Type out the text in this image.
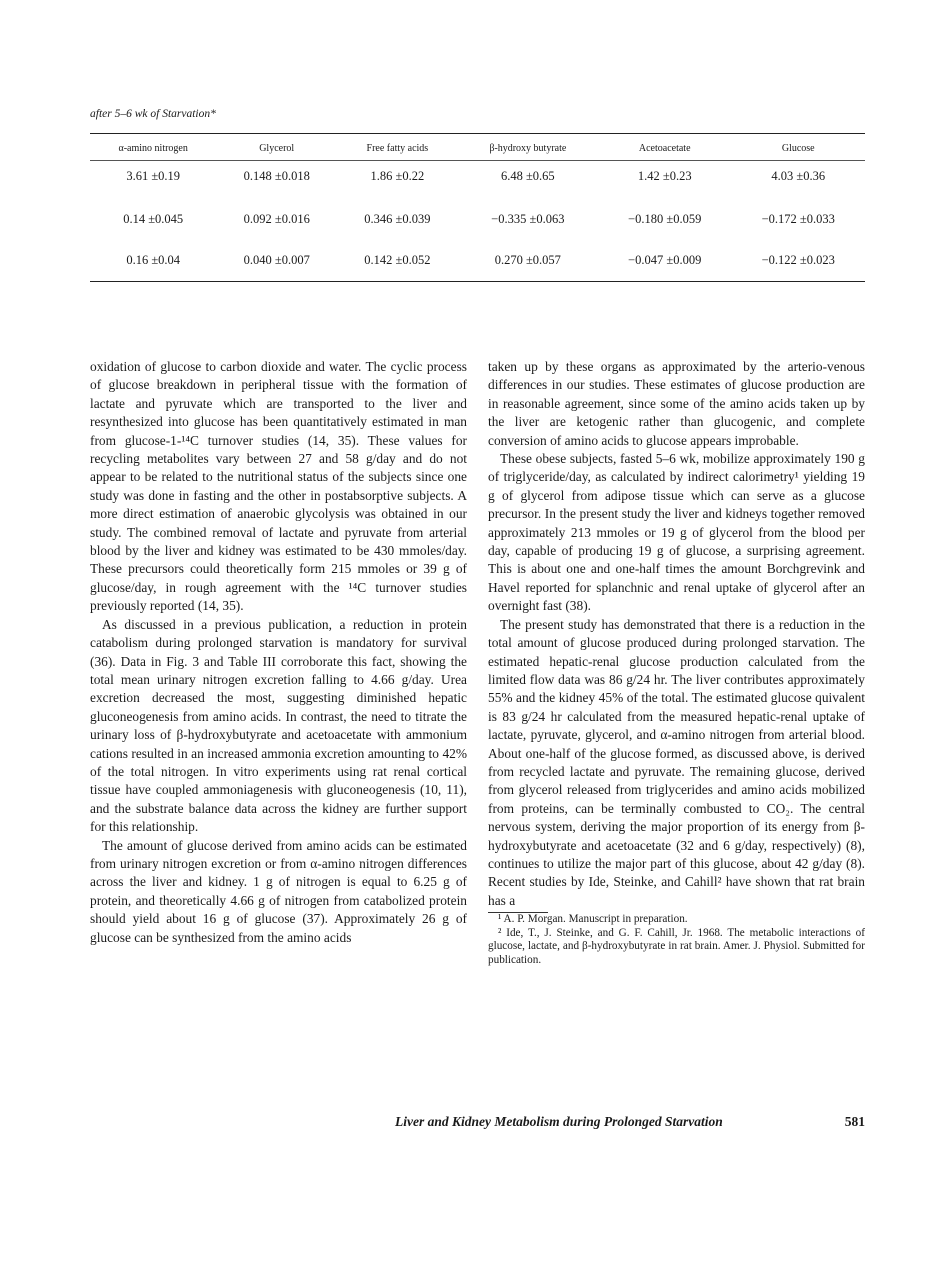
after 5–6 wk of Starvation*
α-amino nitrogen	Glycerol	Free fatty acids	β-hydroxy butyrate	Acetoacetate	Glucose
3.61 ±0.19	0.148 ±0.018	1.86 ±0.22	6.48 ±0.65	1.42 ±0.23	4.03 ±0.36
0.14 ±0.045	0.092 ±0.016	0.346 ±0.039	−0.335 ±0.063	−0.180 ±0.059	−0.172 ±0.033
0.16 ±0.04	0.040 ±0.007	0.142 ±0.052	0.270 ±0.057	−0.047 ±0.009	−0.122 ±0.023

oxidation of glucose to carbon dioxide and water. The cyclic process of glucose breakdown in peripheral tissue with the formation of lactate and pyruvate which are transported to the liver and resynthesized into glucose has been quantitatively estimated in man from glucose-1-¹⁴C turnover studies (14, 35). These values for recycling metabolites vary between 27 and 58 g/day and do not appear to be related to the nutritional status of the subjects since one study was done in fasting and the other in postabsorptive subjects. A more direct estimation of anaerobic glycolysis was obtained in our study. The combined removal of lactate and pyruvate from arterial blood by the liver and kidney was estimated to be 430 mmoles/day. These precursors could theoretically form 215 mmoles or 39 g of glucose/day, in rough agreement with the ¹⁴C turnover studies previously reported (14, 35).

As discussed in a previous publication, a reduction in protein catabolism during prolonged starvation is mandatory for survival (36). Data in Fig. 3 and Table III corroborate this fact, showing the total mean urinary nitrogen excretion falling to 4.66 g/day. Urea excretion decreased the most, suggesting diminished hepatic gluconeogenesis from amino acids. In contrast, the need to titrate the urinary loss of β-hydroxybutyrate and acetoacetate with ammonium cations resulted in an increased ammonia excretion amounting to 42% of the total nitrogen. In vitro experiments using rat renal cortical tissue have coupled ammoniagenesis with gluconeogenesis (10, 11), and the substrate balance data across the kidney are further support for this relationship.

The amount of glucose derived from amino acids can be estimated from urinary nitrogen excretion or from α-amino nitrogen differences across the liver and kidney. 1 g of nitrogen is equal to 6.25 g of protein, and theoretically 4.66 g of nitrogen from catabolized protein should yield about 16 g of glucose (37). Approximately 26 g of glucose can be synthesized from the amino acids

taken up by these organs as approximated by the arterio-venous differences in our studies. These estimates of glucose production are in reasonable agreement, since some of the amino acids taken up by the liver are ketogenic rather than glucogenic, and complete conversion of amino acids to glucose appears improbable.

These obese subjects, fasted 5–6 wk, mobilize approximately 190 g of triglyceride/day, as calculated by indirect calorimetry¹ yielding 19 g of glycerol from adipose tissue which can serve as a glucose precursor. In the present study the liver and kidneys together removed approximately 213 mmoles or 19 g of glycerol from the blood per day, capable of producing 19 g of glucose, a surprising agreement. This is about one and one-half times the amount Borchgrevink and Havel reported for splanchnic and renal uptake of glycerol after an overnight fast (38).

The present study has demonstrated that there is a reduction in the total amount of glucose produced during prolonged starvation. The estimated hepatic-renal glucose production calculated from the limited flow data was 86 g/24 hr. The liver contributes approximately 55% and the kidney 45% of the total. The estimated glucose quivalent is 83 g/24 hr calculated from the measured hepatic-renal uptake of lactate, pyruvate, glycerol, and α-amino nitrogen from arterial blood. About one-half of the glucose formed, as discussed above, is derived from recycled lactate and pyruvate. The remaining glucose, derived from glycerol released from triglycerides and amino acids mobilized from proteins, can be terminally combusted to CO₂. The central nervous system, deriving the major proportion of its energy from β-hydroxybutyrate and acetoacetate (32 and 6 g/day, respectively) (8), continues to utilize the major part of this glucose, about 42 g/day (8). Recent studies by Ide, Steinke, and Cahill² have shown that rat brain has a

¹ A. P. Morgan. Manuscript in preparation.

² Ide, T., J. Steinke, and G. F. Cahill, Jr. 1968. The metabolic interactions of glucose, lactate, and β-hydroxybutyrate in rat brain. Amer. J. Physiol. Submitted for publication.

Liver and Kidney Metabolism during Prolonged Starvation	581
